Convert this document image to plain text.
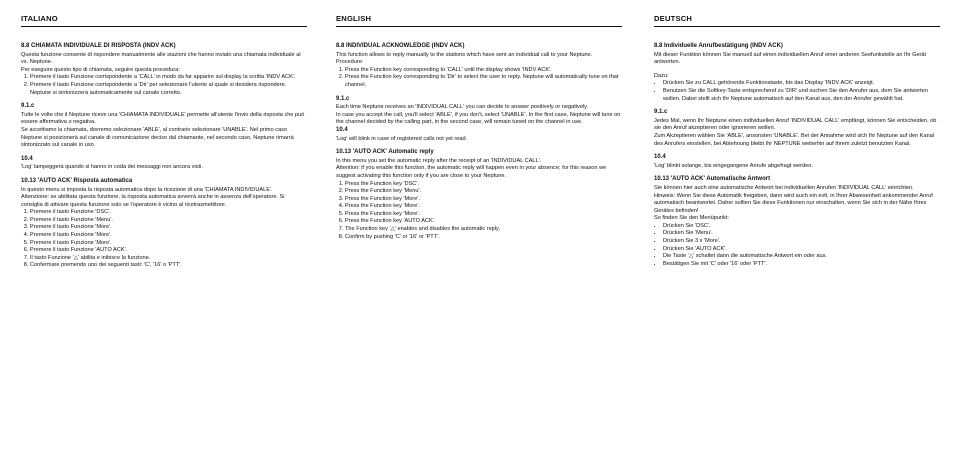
ITALIANO
8.8 CHIAMATA INDIVIDUALE DI RISPOSTA (INDV ACK)

Questa funzione consente di rispondere manualmente alle stazioni che hanno inviato una chiamata individuale al vs. Neptune.

Per eseguire questo tipo di chiamata, seguire questa procedura:

1. Premere il tasto Funzione corrispondente a 'CALL' in modo da far apparire sul display la scritta 'INDV ACK'.
2. Premere il tasto Funzione corrispondente a 'Dir' per selezionare l'utente al quale si desidera rispondere. Neptune si sintonizzerà automaticamente sul canale corretto.
9.1.c

Tutte le volte che il Neptune riceve una 'CHIAMATA INDIVIDUALE' permette all'utente l'invio della risposta che può essere affermativa o negativa.

Se accettiamo la chiamata, dovremo selezionare 'ABLE', al contrario selezionare 'UNABLE'. Nel primo caso Neptune si posizionerà sul canale di comunicazione deciso dal chiamante, nel secondo caso, Neptune rimarrà sintonizzato sul canale in uso.

10.4

'Log' lampeggerà quando si hanno in coda dei messaggi non ancora visti.

10.13 'AUTO ACK' Risposta automatica

In questo menu si imposta la risposta automatica dopo la ricezione di una 'CHIAMATA INDIVIDUALE'.

Attenzione: se abilitata questa funzione, la risposta automatica avverrà anche in assenza dell'operatore. Si consiglia di attivare questa funzione solo se l'operatore è vicino al ricetrasmettitore.

1. Premere il tasto Funzione 'DSC'.
2. Premere il tasto Funzione 'Menu'.
3. Premere il tasto Funzione 'More'.
4. Premere il tasto Funzione 'More'.
5. Premere il tasto Funzione 'More'.
6. Premere il tasto Funzione 'AUTO ACK'.
7. Il tasto Funzione '△' abilita e inibisce la funzione.
8. Confermare premendo uno dei seguenti tasti: 'C', '16' o 'PTT'.
ENGLISH
8.8 INDIVIDUAL ACKNOWLEDGE (INDV ACK)

This function allows to reply manually to the stations which have sent an individual call to your Neptune.

Procedure:

1. Press the Function key corresponding to 'CALL' until the display shows 'INDV ACK'.
2. Press the Function key corresponding to 'Dir' to select the user to reply. Neptune will automatically tune on that channel.
9.1.c

Each time Neptune receives an 'INDIVIDUAL CALL' you can decide to answer positively or negatively.

In case you accept the call, you'll select 'ABLE', if you don't, select 'UNABLE'. In the first case, Neptune will tune on the channel decided by the calling part, in the second case, will remain tuned on the channel in use.

10.4

'Log' will blink in case of registered calls not yet read.

10.13 'AUTO ACK' Automatic reply

In this menu you set the automatic reply after the receipt of an 'INDIVIDUAL CALL'.

Attention: if you enable this function, the automatic reply will happen even in your absence; for this reason we suggest activating this function only if you are close to your Neptune.

1. Press the Function key 'DSC'.
2. Press the Function key 'Menu'.
3. Press the Function key 'More'.
4. Press the Function key 'More'.
5. Press the Function key 'More'.
6. Press the Function key 'AUTO ACK'.
7. The Function key '△' enables and disables the automatic reply.
8. Confirm by pushing 'C' or '16' or 'PTT'.
DEUTSCH
8.8 Individuelle Anrufbestätigung (INDV ACK)

Mit dieser Funktion können Sie manuell auf einen individuellen Anruf einer anderen Seefunkstelle an Ihr Gerät antworten.

Dazu:

• Drücken Sie zu CALL gehörende Funktionstaste, bis das Display 'INDV ACK' anzeigt.
• Benutzen Sie die Softkey-Taste entsprechend zu 'DIR' und suchen Sie den Anrufer aus, dem Sie antworten wollen. Dabei stellt sich Ihr Neptune automatisch auf den Kanal aus, den der Anrufer gewählt hat.
9.1.c

Jedes Mal, wenn Ihr Neptune einen individuellen Anruf 'INDIVIDUAL CALL' empfängt, können Sie entscheiden, ob sie den Anruf akzeptieren oder ignorieren wollen.

Zum Akzeptieren wählen Sie 'ABLE', ansonsten 'UNABLE'. Bei der Annahme wird sich Ihr Neptune auf den Kanal des Anrufers einstellen, bei Ablehnung bleibt Ihr NEPTUNE weiterhin auf Ihrem zuletzt benutzten Kanal.

10.4

'Log' blinkt solange, bis eingegangene Anrufe abgefragt werden.

10.13 'AUTO ACK' Automatische Antwort

Sie können hier auch eine automatische Antwort bei individuellen Anrufen 'INDIVIDUAL CALL' einrichten.

Hinweis: Wenn Sie diese Automatik freigeben, dann wird auch ein evtl. in Ihrer Abwesenheit ankommender Anruf automatisch beantwortet. Daher sollten Sie diese Funktionen nur einschalten, wenn Sie sich in der Nähe Ihres Gerätes befinden!

So finden Sie den Menüpunkt:

• Drücken Sie 'DSC'.
• Drücken Sie 'Menu'.
• Drücken Sie 3 x 'More'.
• Drücken Sie 'AUTO ACK'.
• Die Taste '△' schaltet dann die automatische Antwort ein oder aus.
• Bestätigen Sie mit 'C' oder '16' oder 'PTT'.
